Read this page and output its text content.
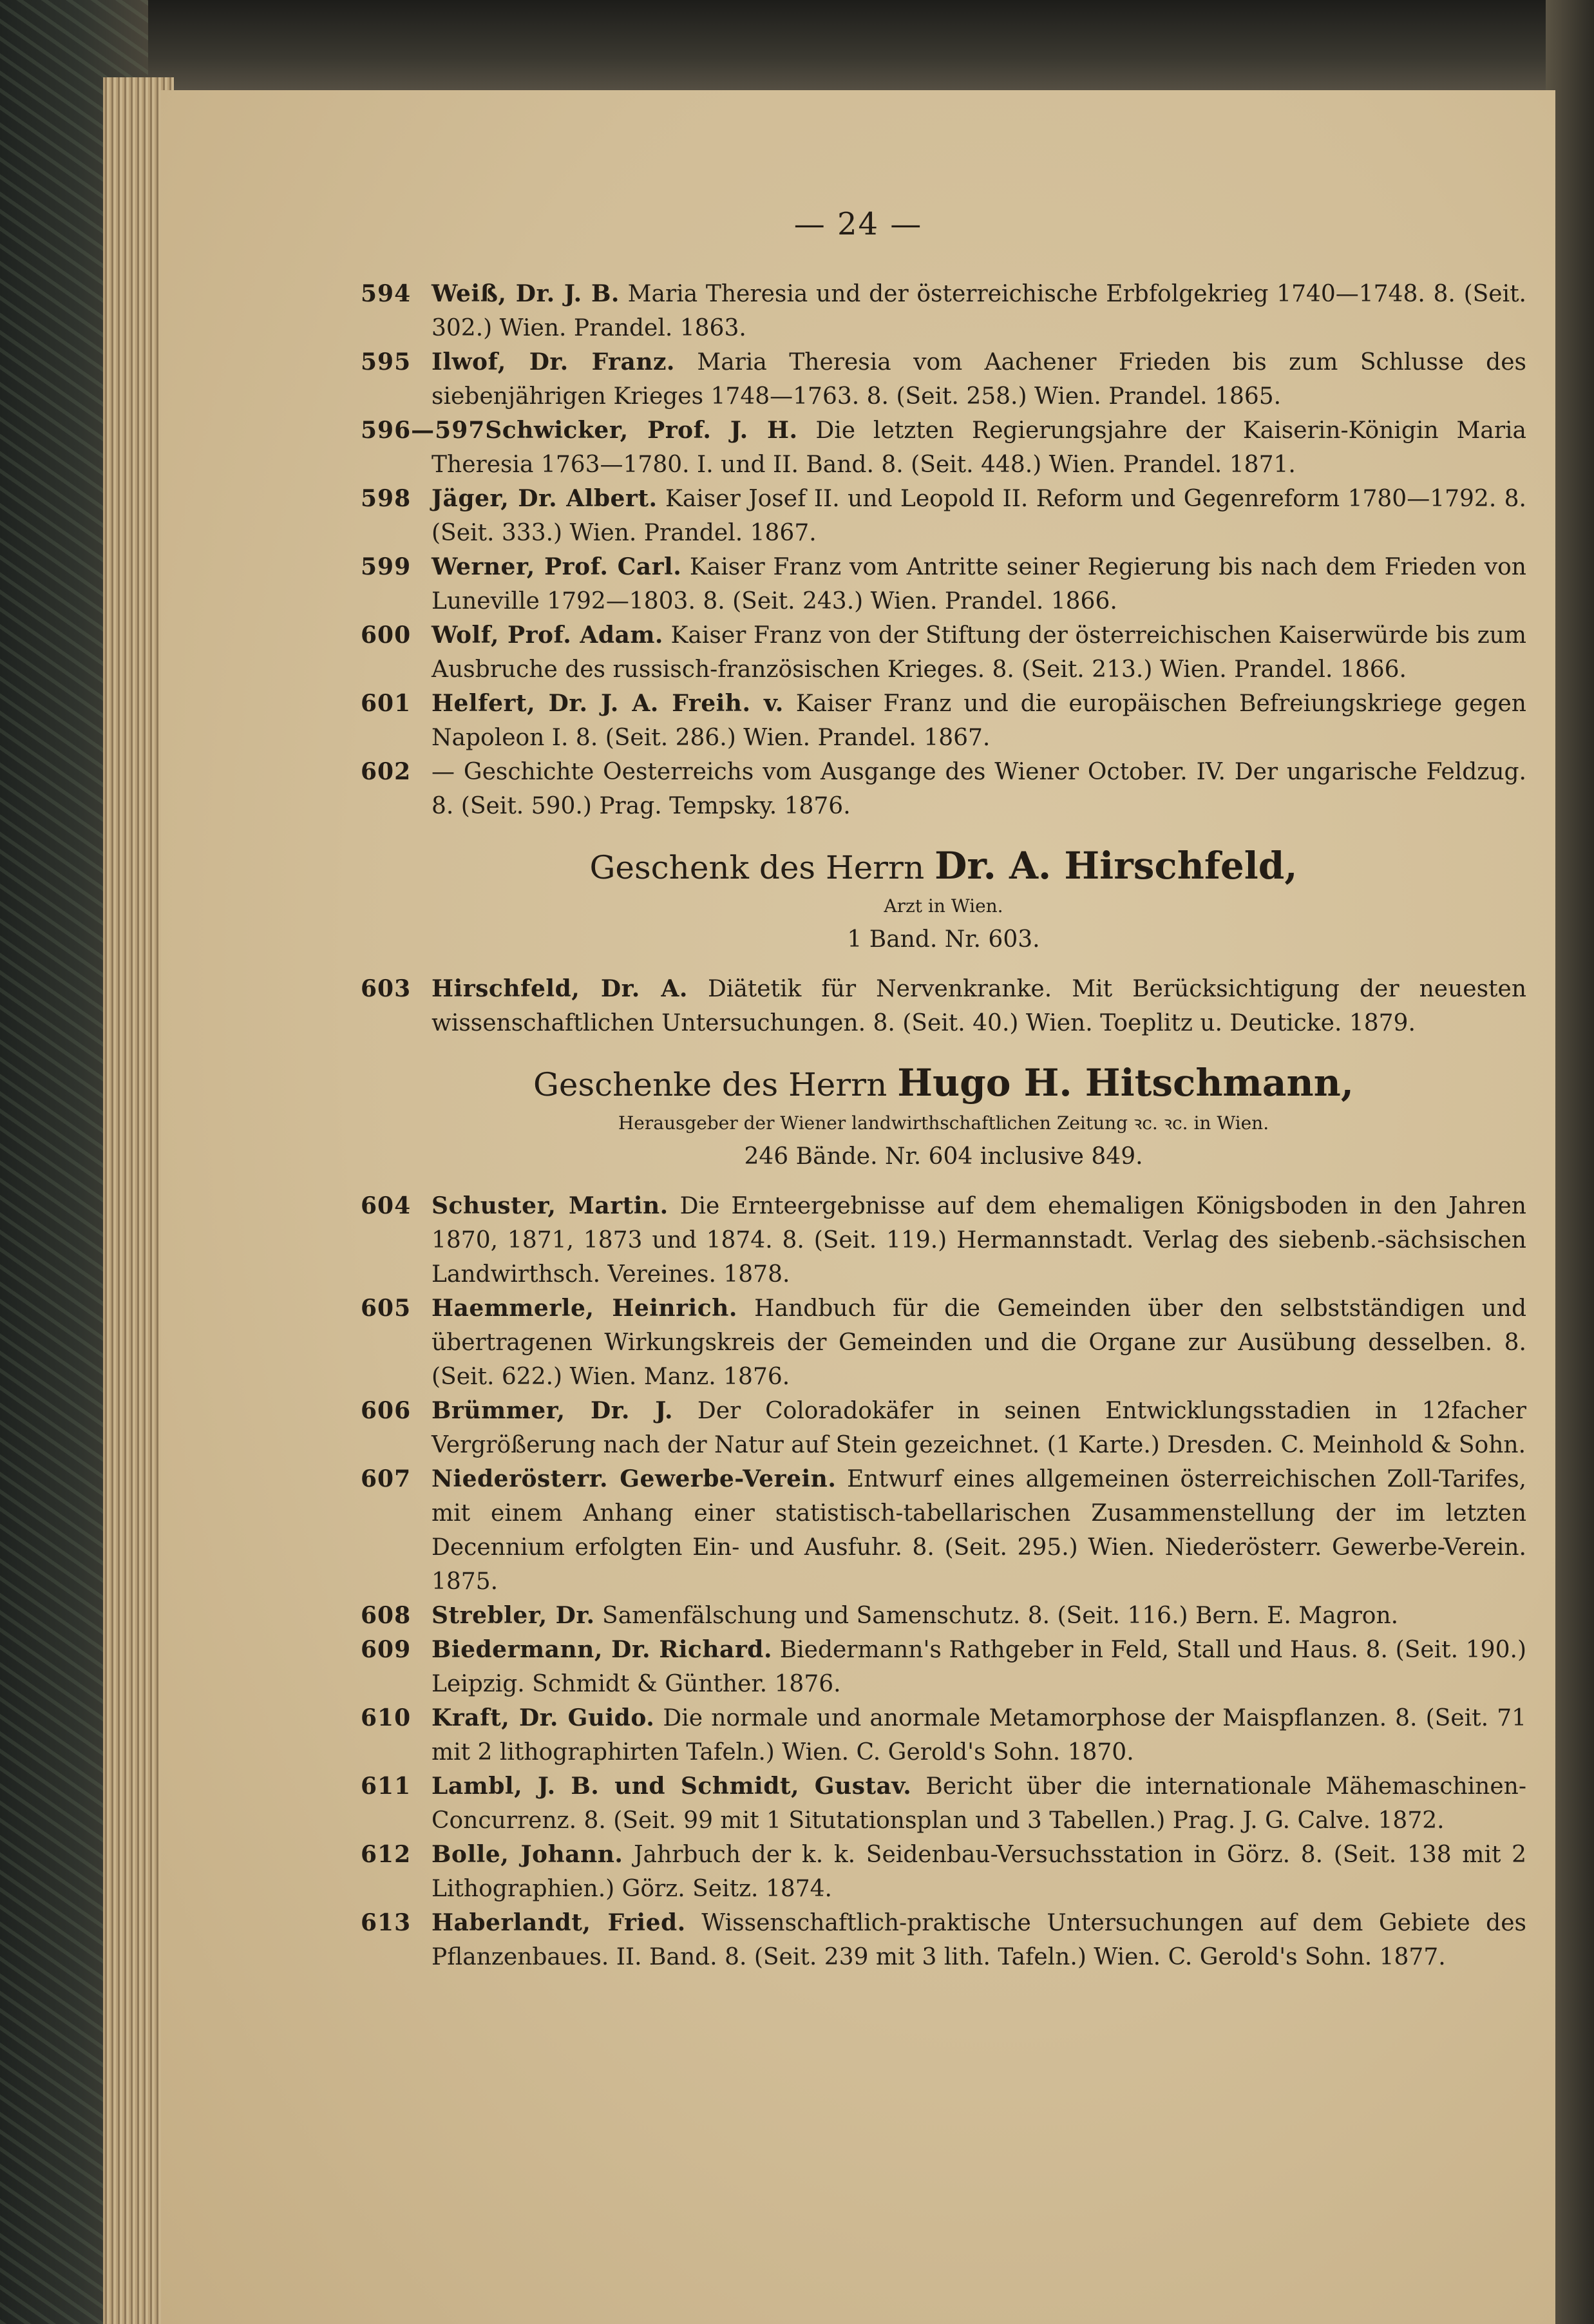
— 24 —

594 Weiß, Dr. J. B. Maria Theresia und der österreichische Erbfolgekrieg 1740—1748. 8. (Seit. 302.) Wien. Prandel. 1863.

595 Ilwof, Dr. Franz. Maria Theresia vom Aachener Frieden bis zum Schlusse des siebenjährigen Krieges 1748—1763. 8. (Seit. 258.) Wien. Prandel. 1865.

596—597Schwicker, Prof. J. H. Die letzten Regierungsjahre der Kaiserin-Königin Maria Theresia 1763—1780. I. und II. Band. 8. (Seit. 448.) Wien. Prandel. 1871.

598 Jäger, Dr. Albert. Kaiser Josef II. und Leopold II. Reform und Gegenreform 1780—1792. 8. (Seit. 333.) Wien. Prandel. 1867.

599 Werner, Prof. Carl. Kaiser Franz vom Antritte seiner Regierung bis nach dem Frieden von Luneville 1792—1803. 8. (Seit. 243.) Wien. Prandel. 1866.

600 Wolf, Prof. Adam. Kaiser Franz von der Stiftung der österreichischen Kaiserwürde bis zum Ausbruche des russisch-französischen Krieges. 8. (Seit. 213.) Wien. Prandel. 1866.

601 Helfert, Dr. J. A. Freih. v. Kaiser Franz und die europäischen Befreiungskriege gegen Napoleon I. 8. (Seit. 286.) Wien. Prandel. 1867.

602 — Geschichte Oesterreichs vom Ausgange des Wiener October. IV. Der ungarische Feldzug. 8. (Seit. 590.) Prag. Tempsky. 1876.

Geschenk des Herrn Dr. A. Hirschfeld,
Arzt in Wien.
1 Band. Nr. 603.

603 Hirschfeld, Dr. A. Diätetik für Nervenkranke. Mit Berücksichtigung der neuesten wissenschaftlichen Untersuchungen. 8. (Seit. 40.) Wien. Toeplitz u. Deuticke. 1879.

Geschenke des Herrn Hugo H. Hitschmann,
Herausgeber der Wiener landwirthschaftlichen Zeitung ꝛc. ꝛc. in Wien.
246 Bände. Nr. 604 inclusive 849.

604 Schuster, Martin. Die Ernteergebnisse auf dem ehemaligen Königsboden in den Jahren 1870, 1871, 1873 und 1874. 8. (Seit. 119.) Hermannstadt. Verlag des siebenb.-sächsischen Landwirthsch. Vereines. 1878.

605 Haemmerle, Heinrich. Handbuch für die Gemeinden über den selbstständigen und übertragenen Wirkungskreis der Gemeinden und die Organe zur Ausübung desselben. 8. (Seit. 622.) Wien. Manz. 1876.

606 Brümmer, Dr. J. Der Coloradokäfer in seinen Entwicklungsstadien in 12facher Vergrößerung nach der Natur auf Stein gezeichnet. (1 Karte.) Dresden. C. Meinhold & Sohn.

607 Niederösterr. Gewerbe-Verein. Entwurf eines allgemeinen österreichischen Zoll-Tarifes, mit einem Anhang einer statistisch-tabellarischen Zusammenstellung der im letzten Decennium erfolgten Ein- und Ausfuhr. 8. (Seit. 295.) Wien. Niederösterr. Gewerbe-Verein. 1875.

608 Strebler, Dr. Samenfälschung und Samenschutz. 8. (Seit. 116.) Bern. E. Magron.

609 Biedermann, Dr. Richard. Biedermann's Rathgeber in Feld, Stall und Haus. 8. (Seit. 190.) Leipzig. Schmidt & Günther. 1876.

610 Kraft, Dr. Guido. Die normale und anormale Metamorphose der Maispflanzen. 8. (Seit. 71 mit 2 lithographirten Tafeln.) Wien. C. Gerold's Sohn. 1870.

611 Lambl, J. B. und Schmidt, Gustav. Bericht über die internationale Mähemaschinen-Concurrenz. 8. (Seit. 99 mit 1 Situtationsplan und 3 Tabellen.) Prag. J. G. Calve. 1872.

612 Bolle, Johann. Jahrbuch der k. k. Seidenbau-Versuchsstation in Görz. 8. (Seit. 138 mit 2 Lithographien.) Görz. Seitz. 1874.

613 Haberlandt, Fried. Wissenschaftlich-praktische Untersuchungen auf dem Gebiete des Pflanzenbaues. II. Band. 8. (Seit. 239 mit 3 lith. Tafeln.) Wien. C. Gerold's Sohn. 1877.
